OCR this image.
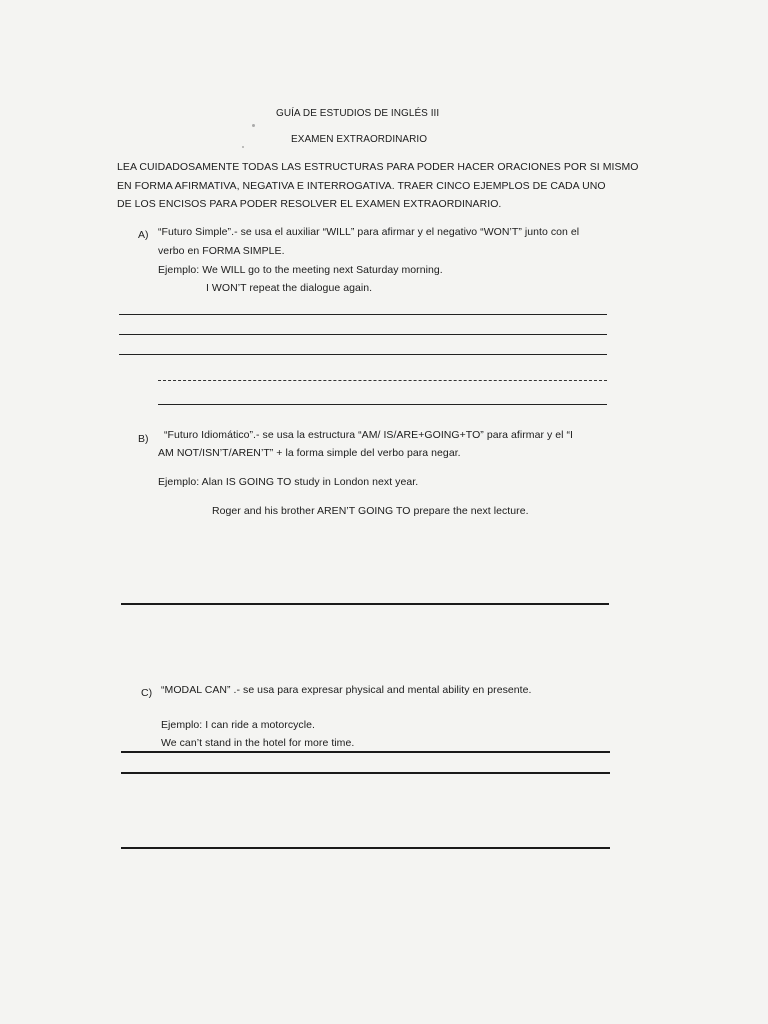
GUÍA DE ESTUDIOS DE INGLÉS III
EXAMEN EXTRAORDINARIO
LEA CUIDADOSAMENTE TODAS LAS ESTRUCTURAS PARA PODER HACER ORACIONES POR SI MISMO
EN FORMA AFIRMATIVA, NEGATIVA E INTERROGATIVA. TRAER CINCO EJEMPLOS DE CADA UNO
DE LOS ENCISOS PARA PODER RESOLVER EL EXAMEN EXTRAORDINARIO.
A) “Futuro Simple”.- se usa el auxiliar “WILL” para afirmar y el negativo “WON’T” junto con el
verbo en FORMA SIMPLE.
Ejemplo: We WILL go to the meeting next Saturday morning.
I WON’T repeat the dialogue again.
B) “Futuro Idiomático”.- se usa la estructura “AM/ IS/ARE+GOING+TO” para afirmar y el “I
AM NOT/ISN’T/AREN’T” + la forma simple del verbo para negar.
Ejemplo: Alan IS GOING TO study in London next year.
Roger and his brother AREN’T GOING TO prepare the next lecture.
C) “MODAL CAN” .- se usa para expresar physical and mental ability en presente.
Ejemplo: I can ride a motorcycle.
We can’t stand in the hotel for more time.
